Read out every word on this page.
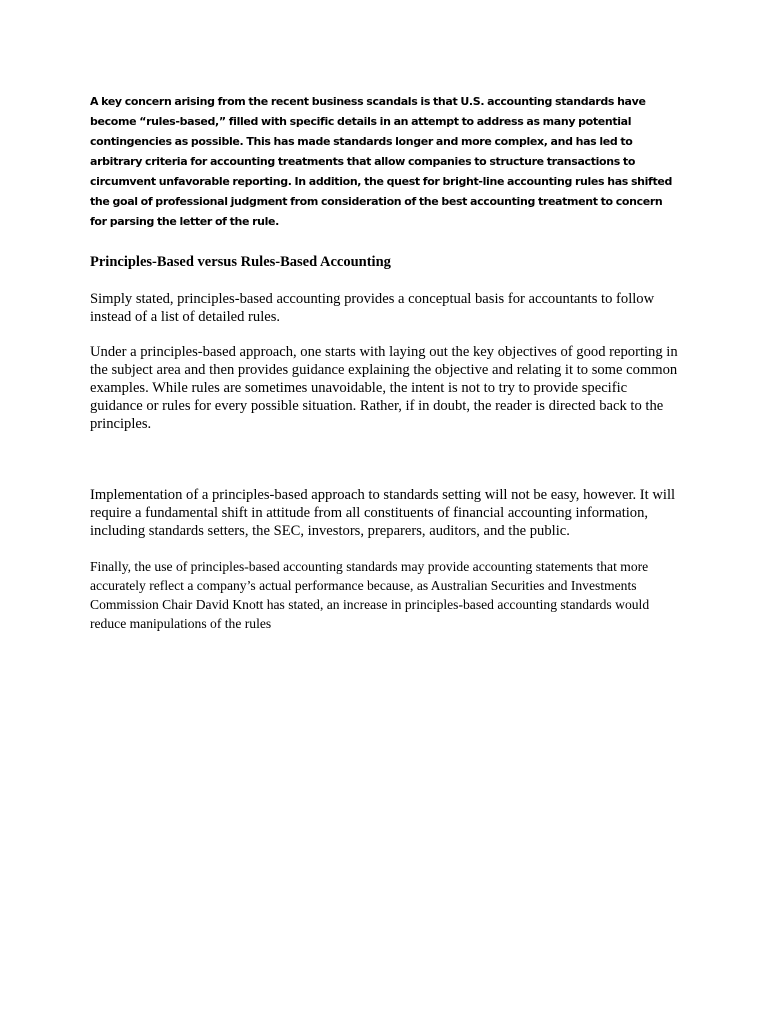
A key concern arising from the recent business scandals is that U.S. accounting standards have become “rules-based,” filled with specific details in an attempt to address as many potential contingencies as possible. This has made standards longer and more complex, and has led to arbitrary criteria for accounting treatments that allow companies to structure transactions to circumvent unfavorable reporting. In addition, the quest for bright-line accounting rules has shifted the goal of professional judgment from consideration of the best accounting treatment to concern for parsing the letter of the rule.

Principles-Based versus Rules-Based Accounting

Simply stated, principles-based accounting provides a conceptual basis for accountants to follow instead of a list of detailed rules.

Under a principles-based approach, one starts with laying out the key objectives of good reporting in the subject area and then provides guidance explaining the objective and relating it to some common examples. While rules are sometimes unavoidable, the intent is not to try to provide specific guidance or rules for every possible situation. Rather, if in doubt, the reader is directed back to the principles.

Implementation of a principles-based approach to standards setting will not be easy, however. It will require a fundamental shift in attitude from all constituents of financial accounting information, including standards setters, the SEC, investors, preparers, auditors, and the public.

Finally, the use of principles-based accounting standards may provide accounting statements that more accurately reflect a company’s actual performance because, as Australian Securities and Investments Commission Chair David Knott has stated, an increase in principles-based accounting standards would reduce manipulations of the rules
